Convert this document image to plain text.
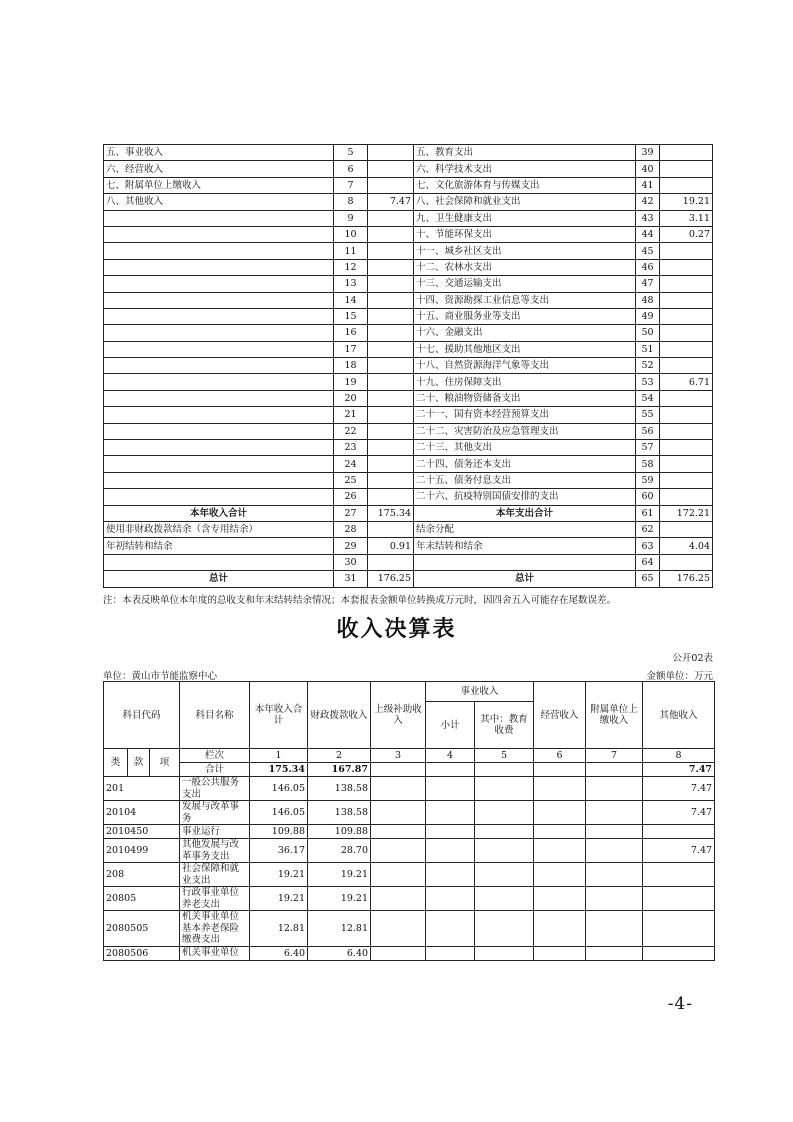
五、事业收入	5		五、教育支出	39	
六、经营收入	6		六、科学技术支出	40	
七、附属单位上缴收入	7		七、文化旅游体育与传媒支出	41	
八、其他收入	8	7.47	八、社会保障和就业支出	42	19.21
	9		九、卫生健康支出	43	3.11
	10		十、节能环保支出	44	0.27
	11		十一、城乡社区支出	45	
	12		十二、农林水支出	46	
	13		十三、交通运输支出	47	
	14		十四、资源勘探工业信息等支出	48	
	15		十五、商业服务业等支出	49	
	16		十六、金融支出	50	
	17		十七、援助其他地区支出	51	
	18		十八、自然资源海洋气象等支出	52	
	19		十九、住房保障支出	53	6.71
	20		二十、粮油物资储备支出	54	
	21		二十一、国有资本经营预算支出	55	
	22		二十二、灾害防治及应急管理支出	56	
	23		二十三、其他支出	57	
	24		二十四、债务还本支出	58	
	25		二十五、债务付息支出	59	
	26		二十六、抗疫特别国债安排的支出	60	
本年收入合计	27	175.34	本年支出合计	61	172.21
使用非财政拨款结余（含专用结余）	28		结余分配	62	
年初结转和结余	29	0.91	年末结转和结余	63	4.04
	30			64	
总计	31	176.25	总计	65	176.25
注：本表反映单位本年度的总收支和年末结转结余情况；本套报表金额单位转换成万元时，因四舍五入可能存在尾数误差。
收入决算表
公开02表
单位：黄山市节能监察中心	金额单位：万元
科目代码			科目名称	本年收入合计	财政拨款收入	上级补助收入	事业收入		经营收入	附属单位上缴收入	其他收入
							小计	其中：教育收费			

类	款	项	栏次	1	2	3	4	5	6	7	8
			合计	175.34	167.87						7.47
201			一般公共服务支出	146.05	138.58						7.47
20104			发展与改革事务	146.05	138.58						7.47
2010450			事业运行	109.88	109.88						
2010499			其他发展与改革事务支出	36.17	28.70						7.47
208			社会保障和就业支出	19.21	19.21						
20805			行政事业单位养老支出	19.21	19.21						
2080505			机关事业单位基本养老保险缴费支出	12.81	12.81						
2080506			机关事业单位	6.40	6.40						
-4-
